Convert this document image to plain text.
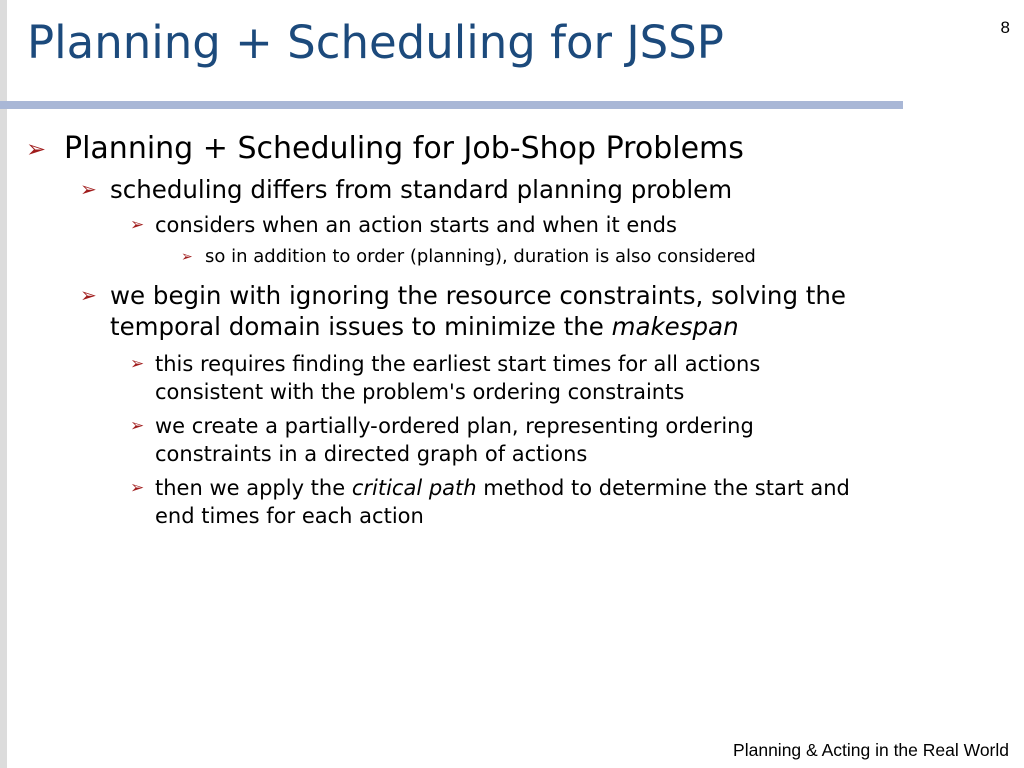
Planning + Scheduling for JSSP	8
➢ Planning + Scheduling for Job-Shop Problems
➢ scheduling differs from standard planning problem
➢ considers when an action starts and when it ends
➢ so in addition to order (planning), duration is also considered
➢ we begin with ignoring the resource constraints, solving the
temporal domain issues to minimize the makespan
➢ this requires finding the earliest start times for all actions
consistent with the problem's ordering constraints
➢ we create a partially-ordered plan, representing ordering
constraints in a directed graph of actions
➢ then we apply the critical path method to determine the start and
end times for each action
Planning & Acting in the Real World
